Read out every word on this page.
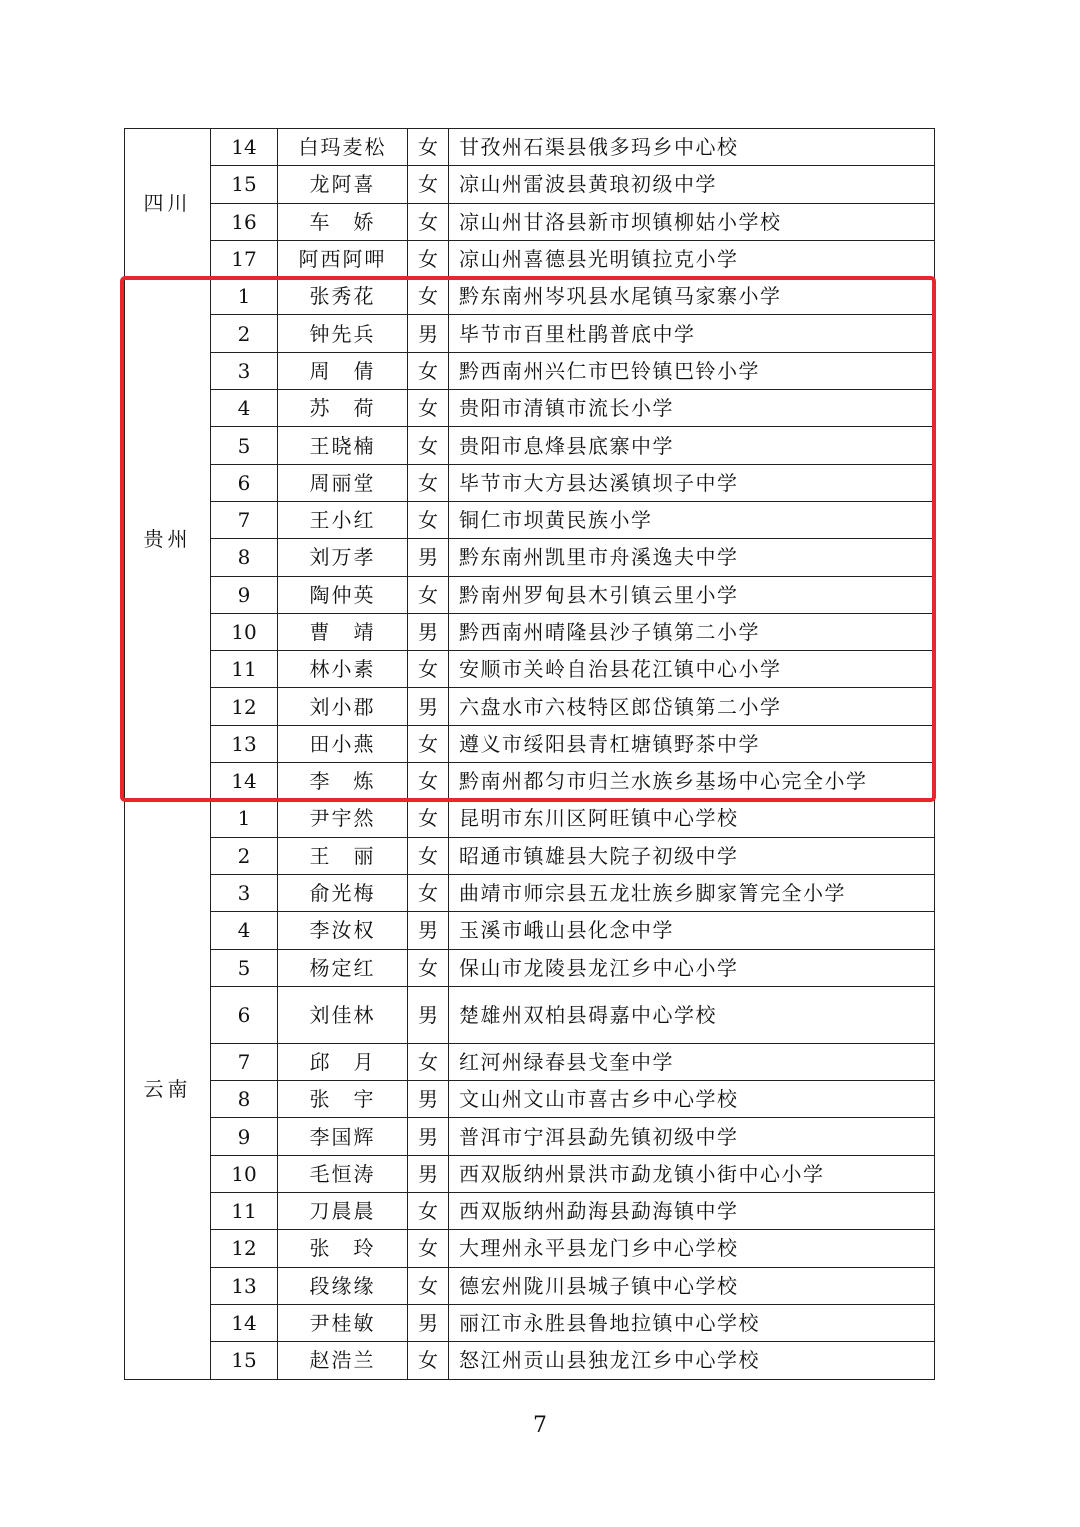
四川	14	白玛麦松	女	甘孜州石渠县俄多玛乡中心校
	15	龙阿喜	女	凉山州雷波县黄琅初级中学
	16	车　娇	女	凉山州甘洛县新市坝镇柳姑小学校
	17	阿西阿呷	女	凉山州喜德县光明镇拉克小学
贵州	1	张秀花	女	黔东南州岑巩县水尾镇马家寨小学
	2	钟先兵	男	毕节市百里杜鹃普底中学
	3	周　倩	女	黔西南州兴仁市巴铃镇巴铃小学
	4	苏　荷	女	贵阳市清镇市流长小学
	5	王晓楠	女	贵阳市息烽县底寨中学
	6	周丽堂	女	毕节市大方县达溪镇坝子中学
	7	王小红	女	铜仁市坝黄民族小学
	8	刘万孝	男	黔东南州凯里市舟溪逸夫中学
	9	陶仲英	女	黔南州罗甸县木引镇云里小学
	10	曹　靖	男	黔西南州晴隆县沙子镇第二小学
	11	林小素	女	安顺市关岭自治县花江镇中心小学
	12	刘小郡	男	六盘水市六枝特区郎岱镇第二小学
	13	田小燕	女	遵义市绥阳县青杠塘镇野茶中学
	14	李　炼	女	黔南州都匀市归兰水族乡基场中心完全小学
云南	1	尹宇然	女	昆明市东川区阿旺镇中心学校
	2	王　丽	女	昭通市镇雄县大院子初级中学
	3	俞光梅	女	曲靖市师宗县五龙壮族乡脚家箐完全小学
	4	李汝权	男	玉溪市峨山县化念中学
	5	杨定红	女	保山市龙陵县龙江乡中心小学
	6	刘佳林	男	楚雄州双柏县碍嘉中心学校
	7	邱　月	女	红河州绿春县戈奎中学
	8	张　宇	男	文山州文山市喜古乡中心学校
	9	李国辉	男	普洱市宁洱县勐先镇初级中学
	10	毛恒涛	男	西双版纳州景洪市勐龙镇小街中心小学
	11	刀晨晨	女	西双版纳州勐海县勐海镇中学
	12	张　玲	女	大理州永平县龙门乡中心学校
	13	段缘缘	女	德宏州陇川县城子镇中心学校
	14	尹桂敏	男	丽江市永胜县鲁地拉镇中心学校
	15	赵浩兰	女	怒江州贡山县独龙江乡中心学校
7
